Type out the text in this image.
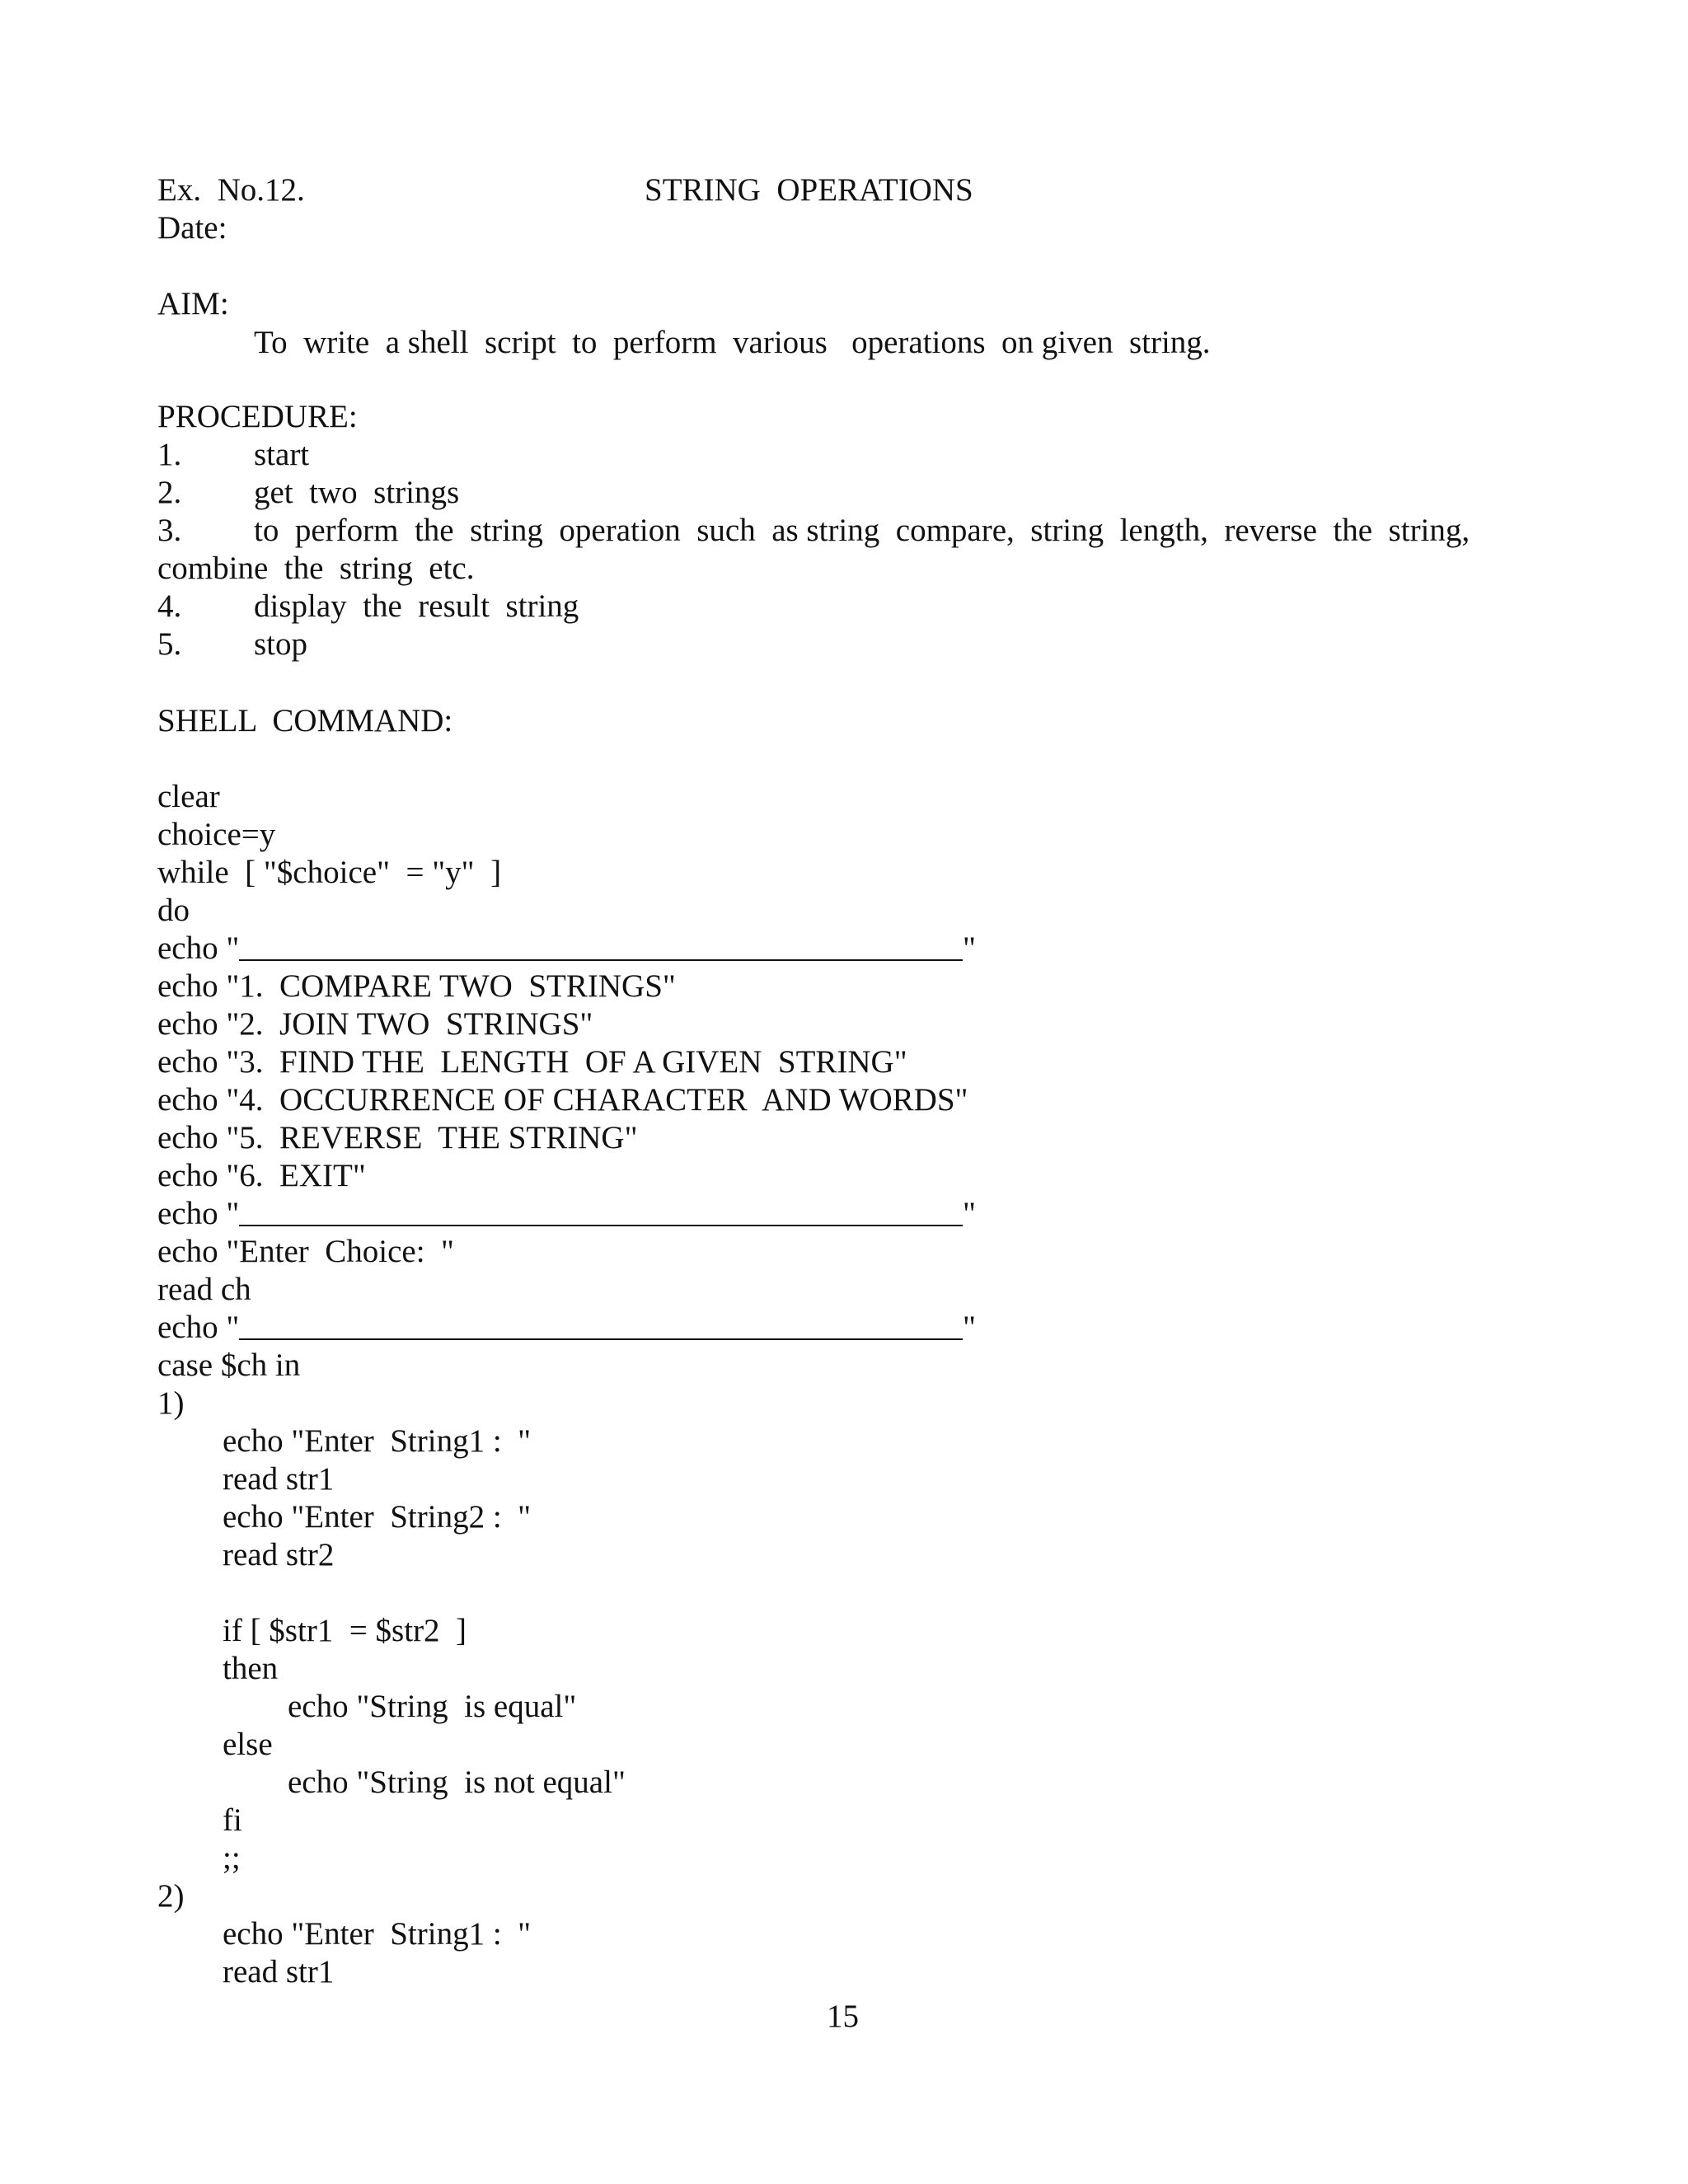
Ex.  No.12.	STRING  OPERATIONS
Date:
AIM:
To  write  a shell  script  to  perform  various   operations  on given  string.
PROCEDURE:
1. start
2. get  two  strings
3. to  perform  the  string  operation  such  as string  compare,  string  length,  reverse  the  string,
combine  the  string  etc.
4. display  the  result  string
5. stop
SHELL  COMMAND:
clear
choice=y
while  [ "$choice"  = "y"  ]
do
echo "	"
echo "1.  COMPARE TWO  STRINGS"
echo "2.  JOIN TWO  STRINGS"
echo "3.  FIND THE  LENGTH  OF A GIVEN  STRING"
echo "4.  OCCURRENCE OF CHARACTER  AND WORDS"
echo "5.  REVERSE  THE STRING"
echo "6.  EXIT"
echo "	"
echo "Enter  Choice:  "
read ch
echo "	"
case $ch in
1)
echo "Enter  String1 :  "
read str1
echo "Enter  String2 :  "
read str2
if [ $str1  = $str2  ]
then
echo "String  is equal"
else
echo "String  is not equal"
fi
;;
2)
echo "Enter  String1 :  "
read str1
15
